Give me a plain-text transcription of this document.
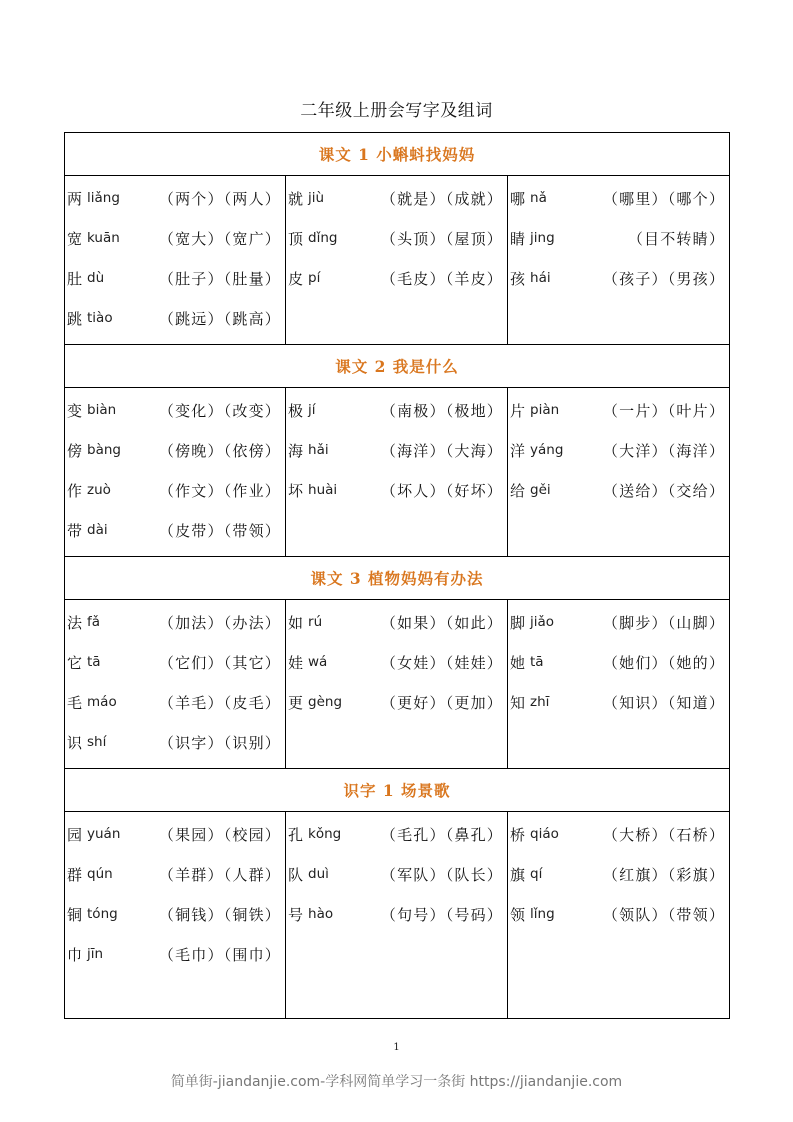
二年级上册会写字及组词
课文 1 小蝌蚪找妈妈		

两 liǎng	（两个）（两人）
宽 kuān	（宽大）（宽广）
肚 dù	（肚子）（肚量）
跳 tiào	（跳远）（跳高）

就 jiù	（就是）（成就）
顶 dǐng	（头顶）（屋顶）
皮 pí	（毛皮）（羊皮）

哪 nǎ	（哪里）（哪个）
睛 jing	（目不转睛）
孩 hái	（孩子）（男孩）

课文 2 我是什么		

变 biàn	（变化）（改变）
傍 bàng	（傍晚）（依傍）
作 zuò	（作文）（作业）
带 dài	（皮带）（带领）

极 jí	（南极）（极地）
海 hǎi	（海洋）（大海）
坏 huài	（坏人）（好坏）

片 piàn	（一片）（叶片）
洋 yáng	（大洋）（海洋）
给 gěi	（送给）（交给）

课文 3 植物妈妈有办法		

法 fǎ	（加法）（办法）
它 tā	（它们）（其它）
毛 máo	（羊毛）（皮毛）
识 shí	（识字）（识别）

如 rú	（如果）（如此）
娃 wá	（女娃）（娃娃）
更 gèng	（更好）（更加）

脚 jiǎo	（脚步）（山脚）
她 tā	（她们）（她的）
知 zhī	（知识）（知道）

识字 1 场景歌		

园 yuán	（果园）（校园）
群 qún	（羊群）（人群）
铜 tóng	（铜钱）（铜铁）
巾 jīn	（毛巾）（围巾）

孔 kǒng	（毛孔）（鼻孔）
队 duì	（军队）（队长）
号 hào	（句号）（号码）

桥 qiáo	（大桥）（石桥）
旗 qí	（红旗）（彩旗）
领 lǐng	（领队）（带领）
1
简单街-jiandanjie.com-学科网简单学习一条街 https://jiandanjie.com
